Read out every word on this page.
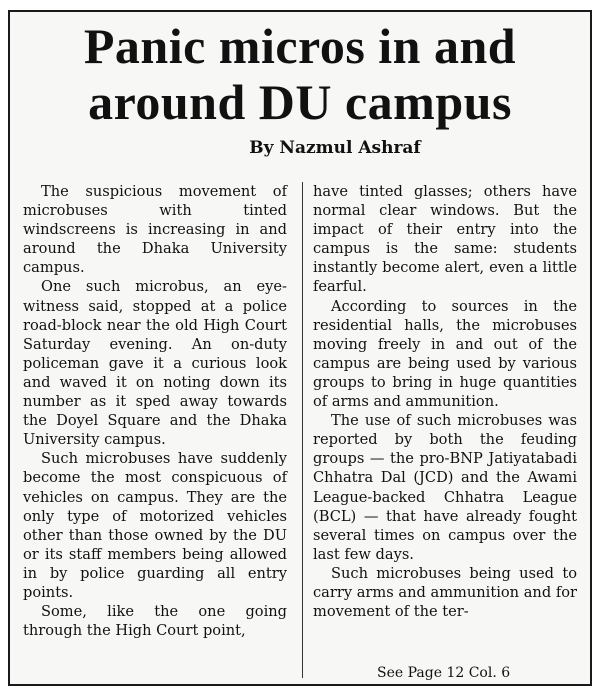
Panic micros in and
around DU campus
By Nazmul Ashraf

The suspicious movement of microbuses with tinted windscreens is increasing in and around the Dhaka University campus.

One such microbus, an eye-witness said, stopped at a police road-block near the old High Court Saturday evening. An on-duty policeman gave it a curious look and waved it on noting down its number as it sped away towards the Doyel Square and the Dhaka University campus.

Such microbuses have suddenly become the most conspicuous of vehicles on campus. They are the only type of motorized vehicles other than those owned by the DU or its staff members being allowed in by police guarding all entry points.

Some, like the one going through the High Court point,

have tinted glasses; others have normal clear windows. But the impact of their entry into the campus is the same: students instantly become alert, even a little fearful.

According to sources in the residential halls, the microbuses moving freely in and out of the campus are being used by various groups to bring in huge quantities of arms and ammunition.

The use of such microbuses was reported by both the feuding groups — the pro-BNP Jatiyatabadi Chhatra Dal (JCD) and the Awami League-backed Chhatra League (BCL) — that have already fought several times on campus over the last few days.

Such microbuses being used to carry arms and ammunition and for movement of the ter-

See Page 12 Col. 6
